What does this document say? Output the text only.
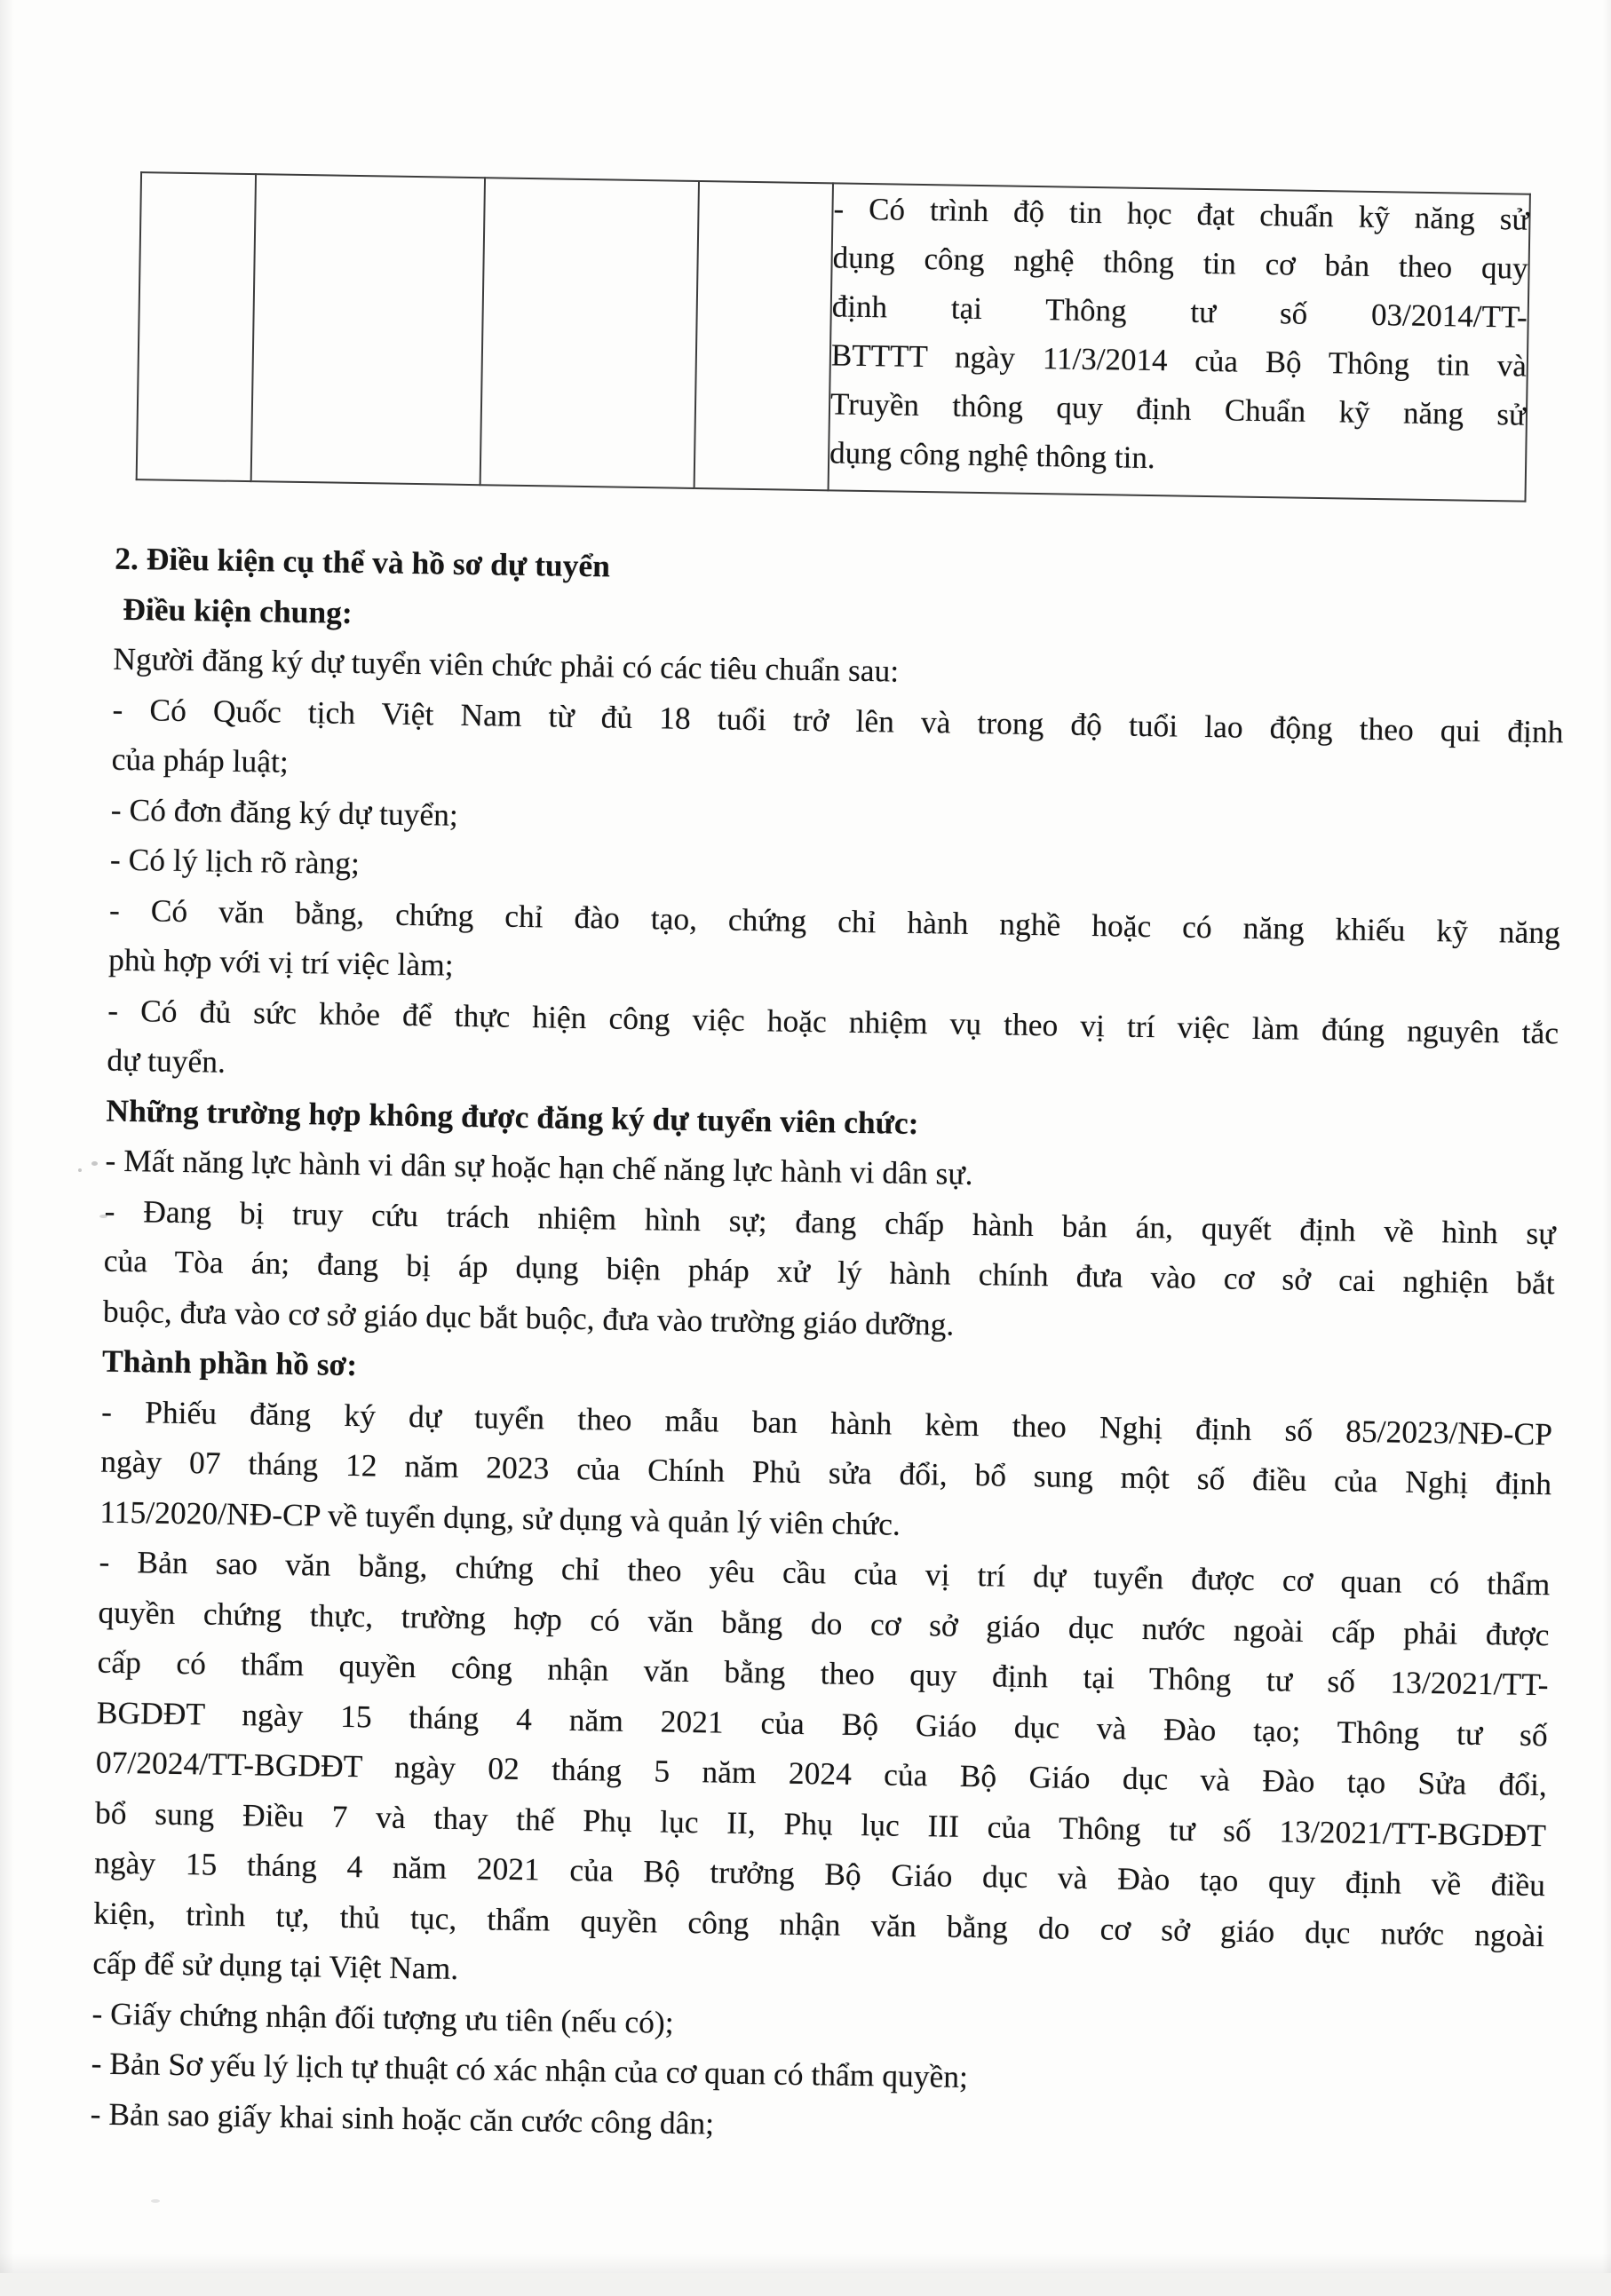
- Có trình độ tin học đạt chuẩn kỹ năng sử
dụng công nghệ thông tin cơ bản theo quy
định tại Thông tư số 03/2014/TT-
BTTTT ngày 11/3/2014 của Bộ Thông tin và
Truyền thông quy định Chuẩn kỹ năng sử
dụng công nghệ thông tin.
2. Điều kiện cụ thể và hồ sơ dự tuyển
Điều kiện chung:
Người đăng ký dự tuyển viên chức phải có các tiêu chuẩn sau:
- Có Quốc tịch Việt Nam từ đủ 18 tuổi trở lên và trong độ tuổi lao động theo qui định
của pháp luật;
- Có đơn đăng ký dự tuyển;
- Có lý lịch rõ ràng;
- Có văn bằng, chứng chỉ đào tạo, chứng chỉ hành nghề hoặc có năng khiếu kỹ năng
phù hợp với vị trí việc làm;
- Có đủ sức khỏe để thực hiện công việc hoặc nhiệm vụ theo vị trí việc làm đúng nguyên tắc
dự tuyển.
Những trường hợp không được đăng ký dự tuyển viên chức:
- Mất năng lực hành vi dân sự hoặc hạn chế năng lực hành vi dân sự.
- Đang bị truy cứu trách nhiệm hình sự; đang chấp hành bản án, quyết định về hình sự
của Tòa án; đang bị áp dụng biện pháp xử lý hành chính đưa vào cơ sở cai nghiện bắt
buộc, đưa vào cơ sở giáo dục bắt buộc, đưa vào trường giáo dưỡng.
Thành phần hồ sơ:
- Phiếu đăng ký dự tuyển theo mẫu ban hành kèm theo Nghị định số 85/2023/NĐ-CP
ngày 07 tháng 12 năm 2023 của Chính Phủ sửa đổi, bổ sung một số điều của Nghị định
115/2020/NĐ-CP về tuyển dụng, sử dụng và quản lý viên chức.
- Bản sao văn bằng, chứng chỉ theo yêu cầu của vị trí dự tuyển được cơ quan có thẩm
quyền chứng thực, trường hợp có văn bằng do cơ sở giáo dục nước ngoài cấp phải được
cấp có thẩm quyền công nhận văn bằng theo quy định tại Thông tư số 13/2021/TT-
BGDĐT ngày 15 tháng 4 năm 2021 của Bộ Giáo dục và Đào tạo; Thông tư số
07/2024/TT-BGDĐT ngày 02 tháng 5 năm 2024 của Bộ Giáo dục và Đào tạo Sửa đổi,
bổ sung Điều 7 và thay thế Phụ lục II, Phụ lục III của Thông tư số 13/2021/TT-BGDĐT
ngày 15 tháng 4 năm 2021 của Bộ trưởng Bộ Giáo dục và Đào tạo quy định về điều
kiện, trình tự, thủ tục, thẩm quyền công nhận văn bằng do cơ sở giáo dục nước ngoài
cấp để sử dụng tại Việt Nam.
- Giấy chứng nhận đối tượng ưu tiên (nếu có);
- Bản Sơ yếu lý lịch tự thuật có xác nhận của cơ quan có thẩm quyền;
- Bản sao giấy khai sinh hoặc căn cước công dân;
